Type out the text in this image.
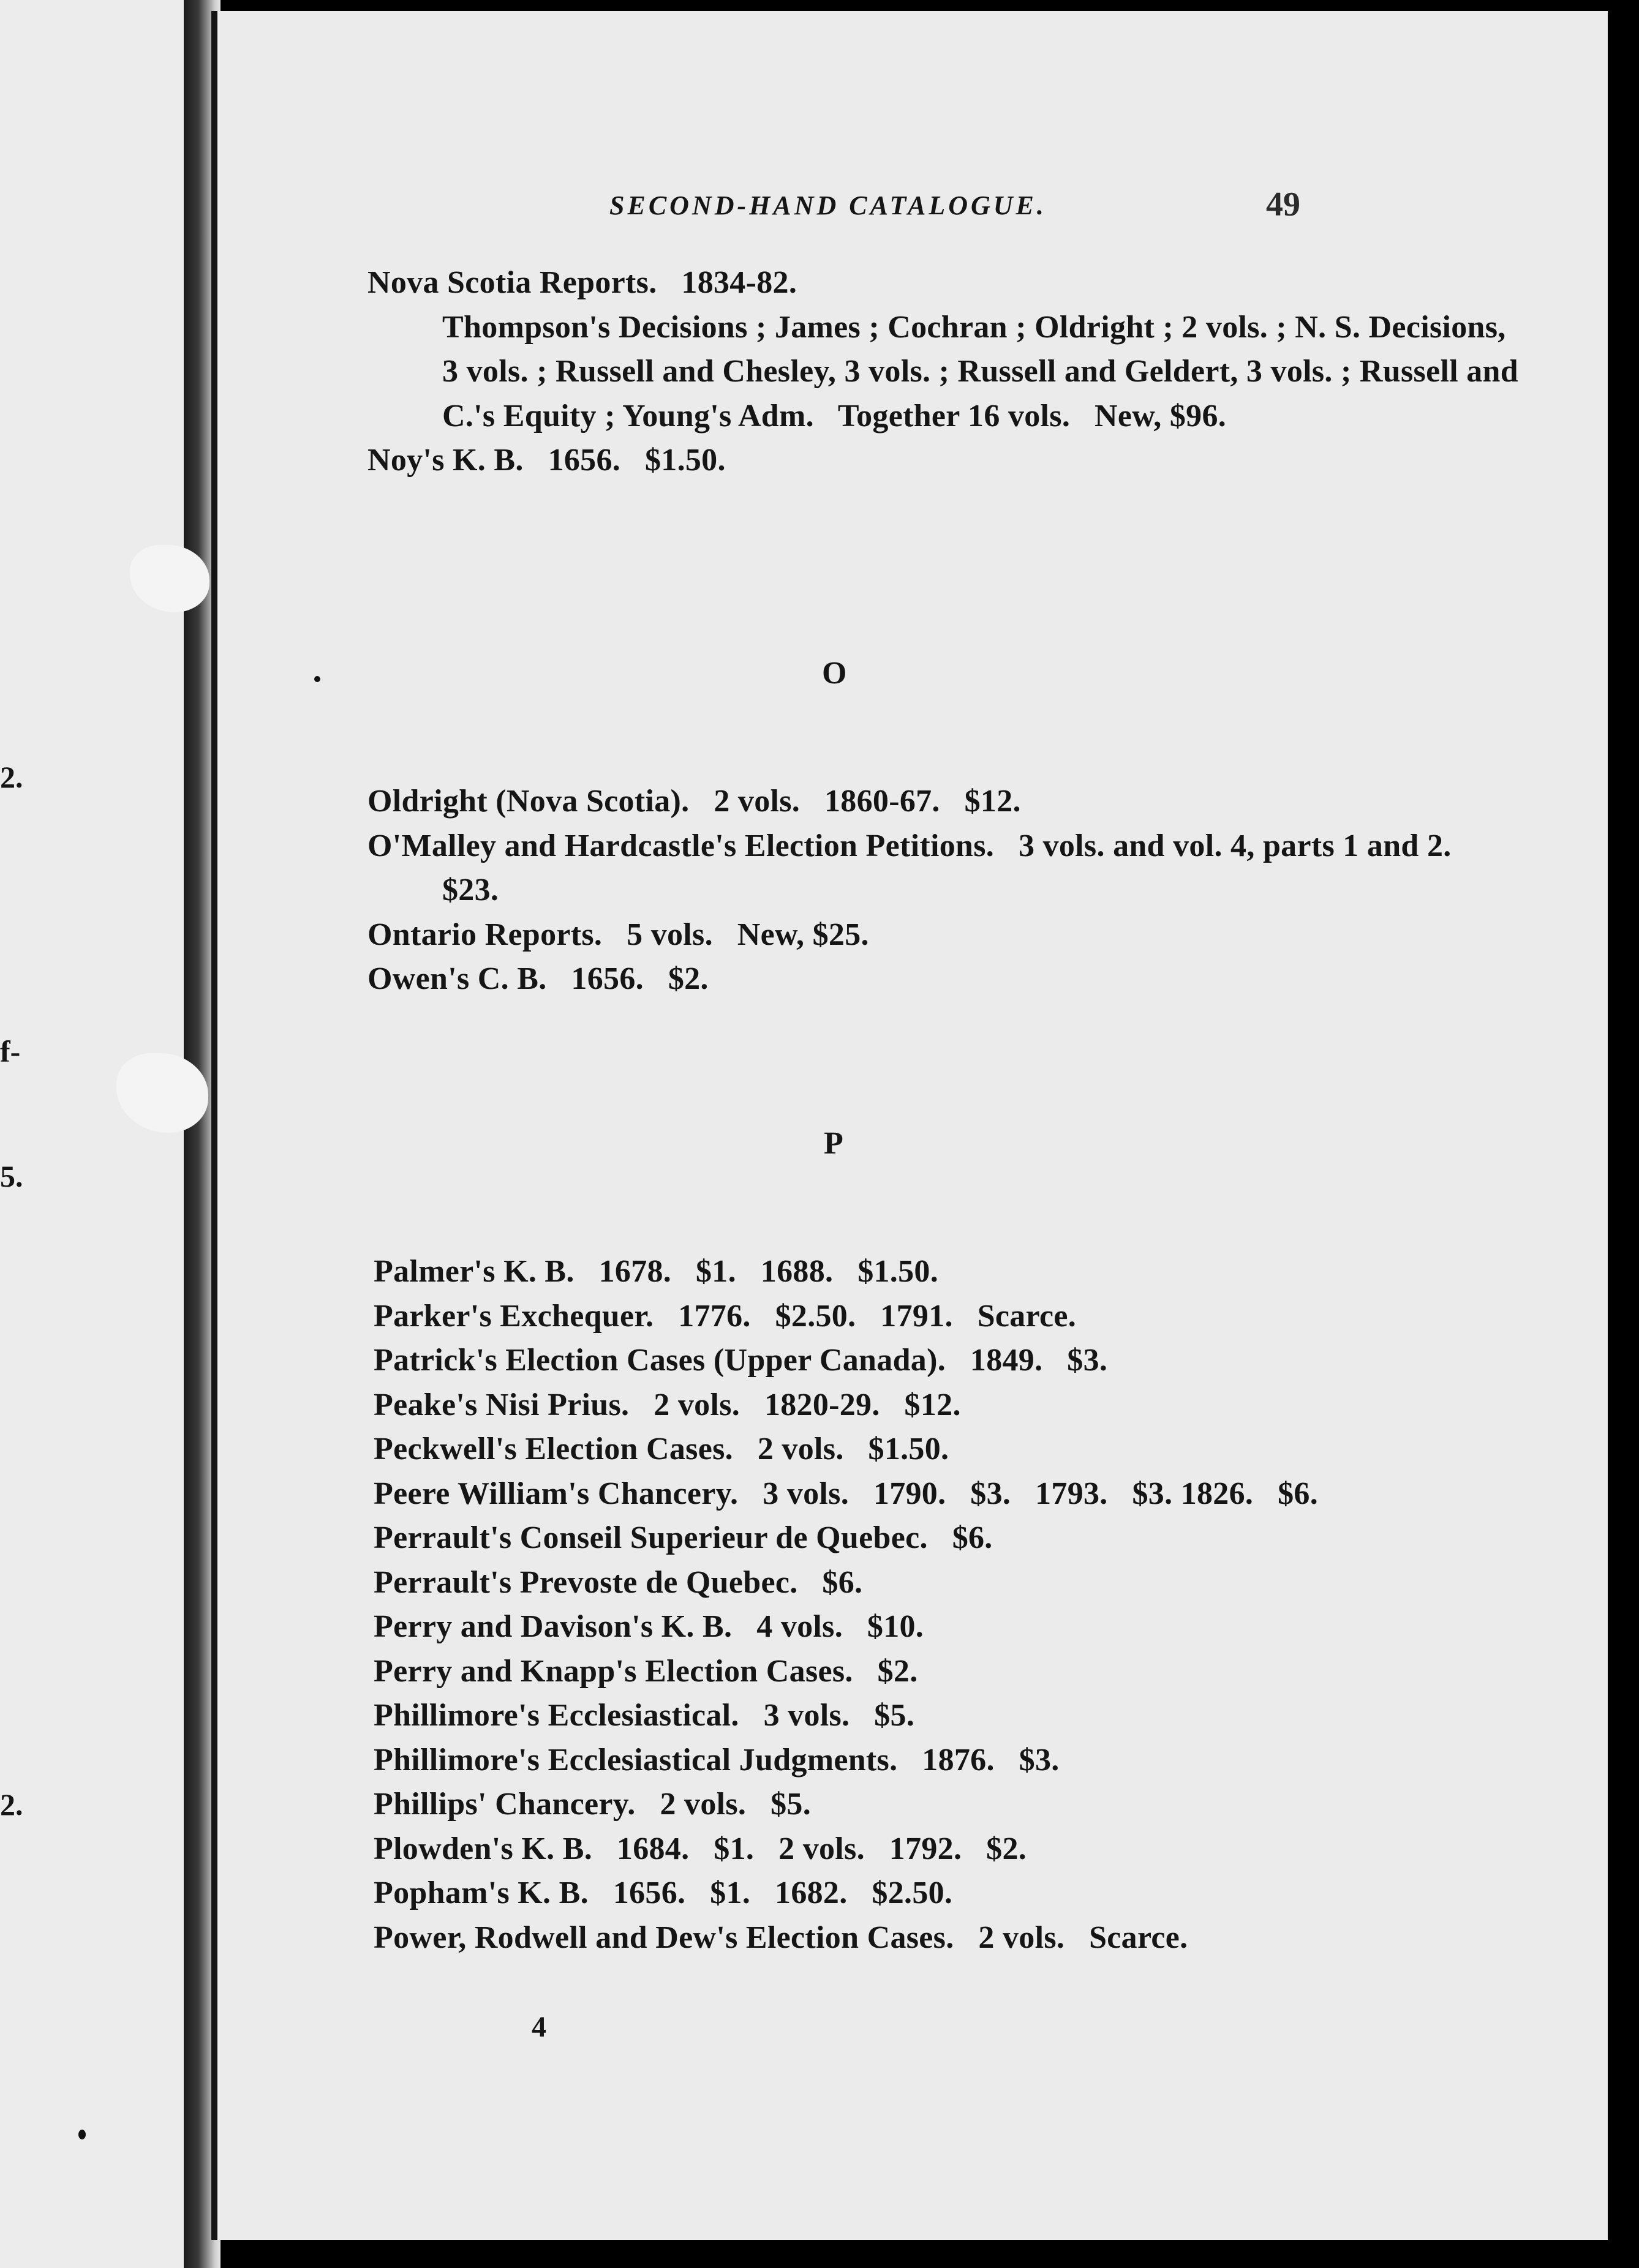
2.
f-
5.
2.
SECOND-HAND CATALOGUE.	49
Nova Scotia Reports.   1834-82.
Thompson's Decisions ; James ; Cochran ; Oldright ; 2 vols. ; N. S. Decisions, 3 vols. ; Russell and Chesley, 3 vols. ; Russell and Geldert, 3 vols. ; Russell and C.'s Equity ; Young's Adm.   Together 16 vols.   New, $96.
Noy's K. B.   1656.   $1.50.
O
Oldright (Nova Scotia).   2 vols.   1860-67.   $12.
O'Malley and Hardcastle's Election Petitions.   3 vols. and vol. 4, parts 1 and 2.   $23.
Ontario Reports.   5 vols.   New, $25.
Owen's C. B.   1656.   $2.
P
Palmer's K. B.   1678.   $1.   1688.   $1.50.
Parker's Exchequer.   1776.   $2.50.   1791.   Scarce.
Patrick's Election Cases (Upper Canada).   1849.   $3.
Peake's Nisi Prius.   2 vols.   1820-29.   $12.
Peckwell's Election Cases.   2 vols.   $1.50.
Peere William's Chancery.   3 vols.   1790.   $3.   1793.   $3. 1826.   $6.
Perrault's Conseil Superieur de Quebec.   $6.
Perrault's Prevoste de Quebec.   $6.
Perry and Davison's K. B.   4 vols.   $10.
Perry and Knapp's Election Cases.   $2.
Phillimore's Ecclesiastical.   3 vols.   $5.
Phillimore's Ecclesiastical Judgments.   1876.   $3.
Phillips' Chancery.   2 vols.   $5.
Plowden's K. B.   1684.   $1.   2 vols.   1792.   $2.
Popham's K. B.   1656.   $1.   1682.   $2.50.
Power, Rodwell and Dew's Election Cases.   2 vols.   Scarce.
4
